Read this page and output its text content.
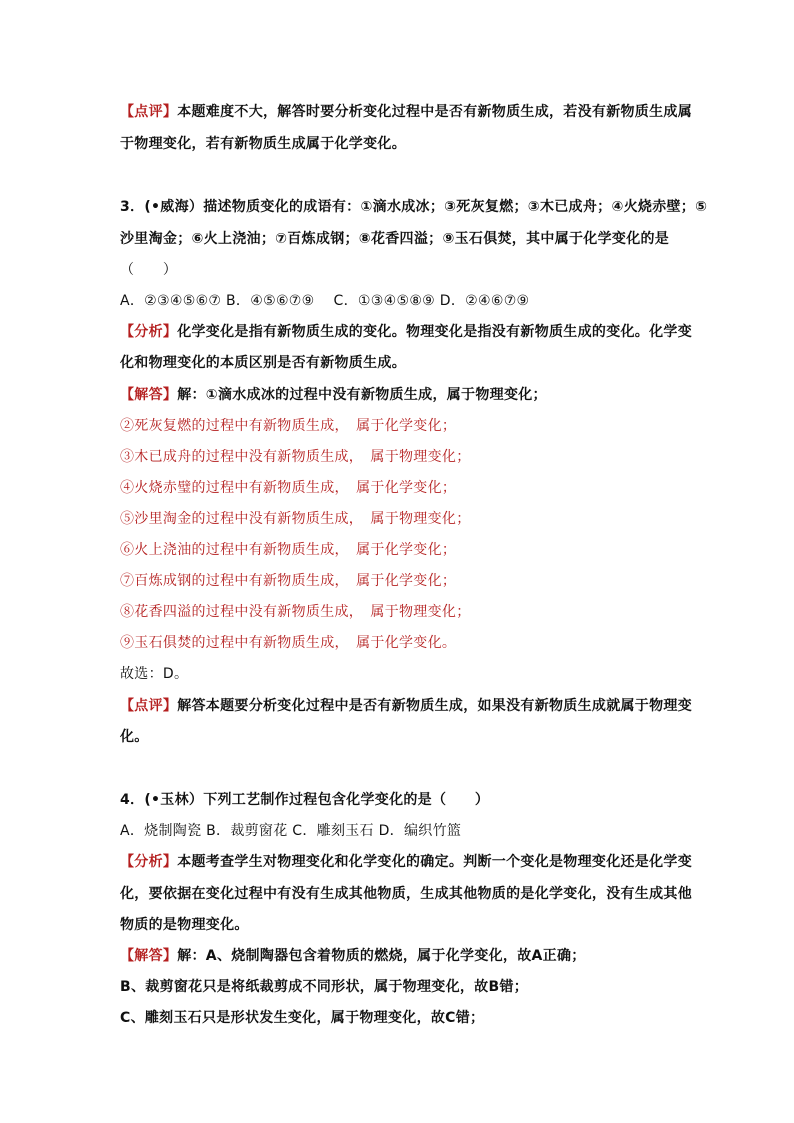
【点评】本题难度不大，解答时要分析变化过程中是否有新物质生成，若没有新物质生成属
于物理变化，若有新物质生成属于化学变化。
3．(•威海）描述物质变化的成语有：①滴水成冰；③死灰复燃；③木已成舟；④火烧赤壁；⑤
沙里淘金；⑥火上浇油；⑦百炼成钢；⑧花香四溢；⑨玉石俱焚，其中属于化学变化的是
（　　）
A．②③④⑤⑥⑦ B．④⑤⑥⑦⑨　 C．①③④⑤⑧⑨ D．②④⑥⑦⑨
【分析】化学变化是指有新物质生成的变化。物理变化是指没有新物质生成的变化。化学变
化和物理变化的本质区别是否有新物质生成。
【解答】解：①滴水成冰的过程中没有新物质生成，属于物理变化；
②死灰复燃的过程中有新物质生成，　属于化学变化；
③木已成舟的过程中没有新物质生成，　属于物理变化；
④火烧赤璧的过程中有新物质生成，　属于化学变化；
⑤沙里淘金的过程中没有新物质生成，　属于物理变化；
⑥火上浇油的过程中有新物质生成，　属于化学变化；
⑦百炼成钢的过程中有新物质生成，　属于化学变化；
⑧花香四溢的过程中没有新物质生成，　属于物理变化；
⑨玉石俱焚的过程中有新物质生成，　属于化学变化。
故选：D。
【点评】解答本题要分析变化过程中是否有新物质生成，如果没有新物质生成就属于物理变
化。
4．(•玉林）下列工艺制作过程包含化学变化的是（　　）
A．烧制陶瓷 B．裁剪窗花 C．雕刻玉石 D．编织竹篮
【分析】本题考查学生对物理变化和化学变化的确定。判断一个变化是物理变化还是化学变
化，要依据在变化过程中有没有生成其他物质，生成其他物质的是化学变化，没有生成其他
物质的是物理变化。
【解答】解：A、烧制陶器包含着物质的燃烧，属于化学变化，故A正确；
B、裁剪窗花只是将纸裁剪成不同形状，属于物理变化，故B错；
C、雕刻玉石只是形状发生变化，属于物理变化，故C错；
